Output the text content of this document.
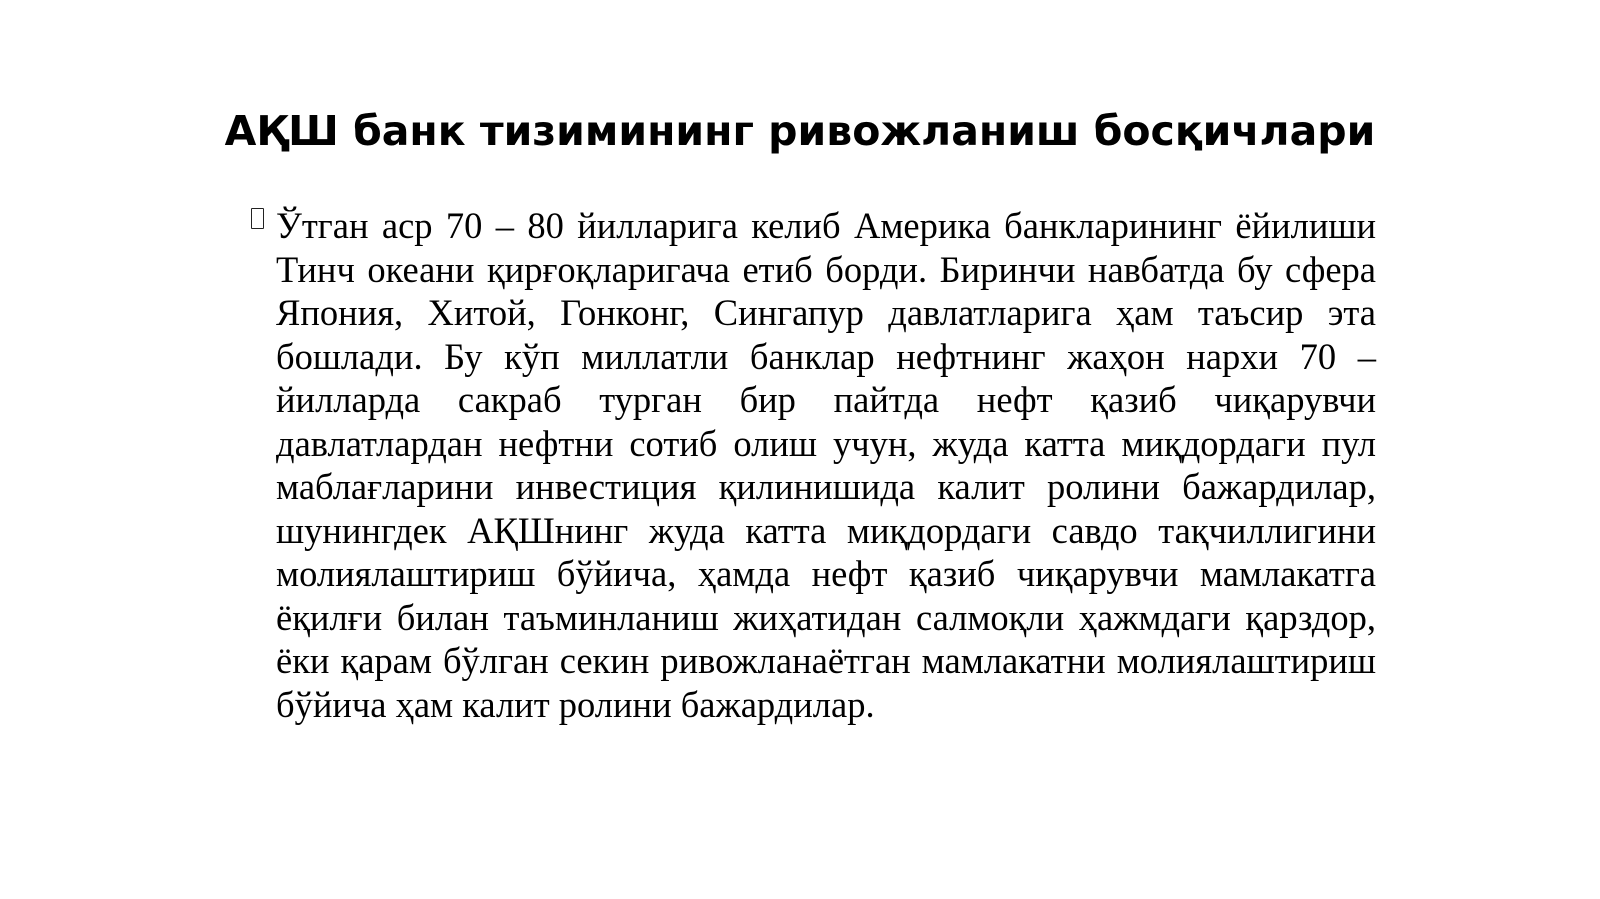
АҚШ банк тизимининг ривожланиш босқичлари

Ўтган аср 70 – 80 йилларига келиб Америка банкларининг ёйилиши Тинч океани қирғоқларигача етиб борди. Биринчи навбатда бу сфера Япония, Хитой, Гонконг, Сингапур давлатларига ҳам таъсир эта бошлади. Бу кўп миллатли банклар нефтнинг жаҳон нархи 70 – йилларда сакраб турган бир пайтда нефт қазиб чиқарувчи давлатлардан нефтни сотиб олиш учун, жуда катта миқдордаги пул маблағларини инвестиция қилинишида калит ролини бажардилар, шунингдек АҚШнинг жуда катта миқдордаги савдо тақчиллигини молиялаштириш бўйича, ҳамда нефт қазиб чиқарувчи мамлакатга ёқилғи билан таъминланиш жиҳатидан салмоқли ҳажмдаги қарздор, ёки қарам бўлган секин ривожланаётган мамлакатни молиялаштириш бўйича ҳам калит ролини бажардилар.
